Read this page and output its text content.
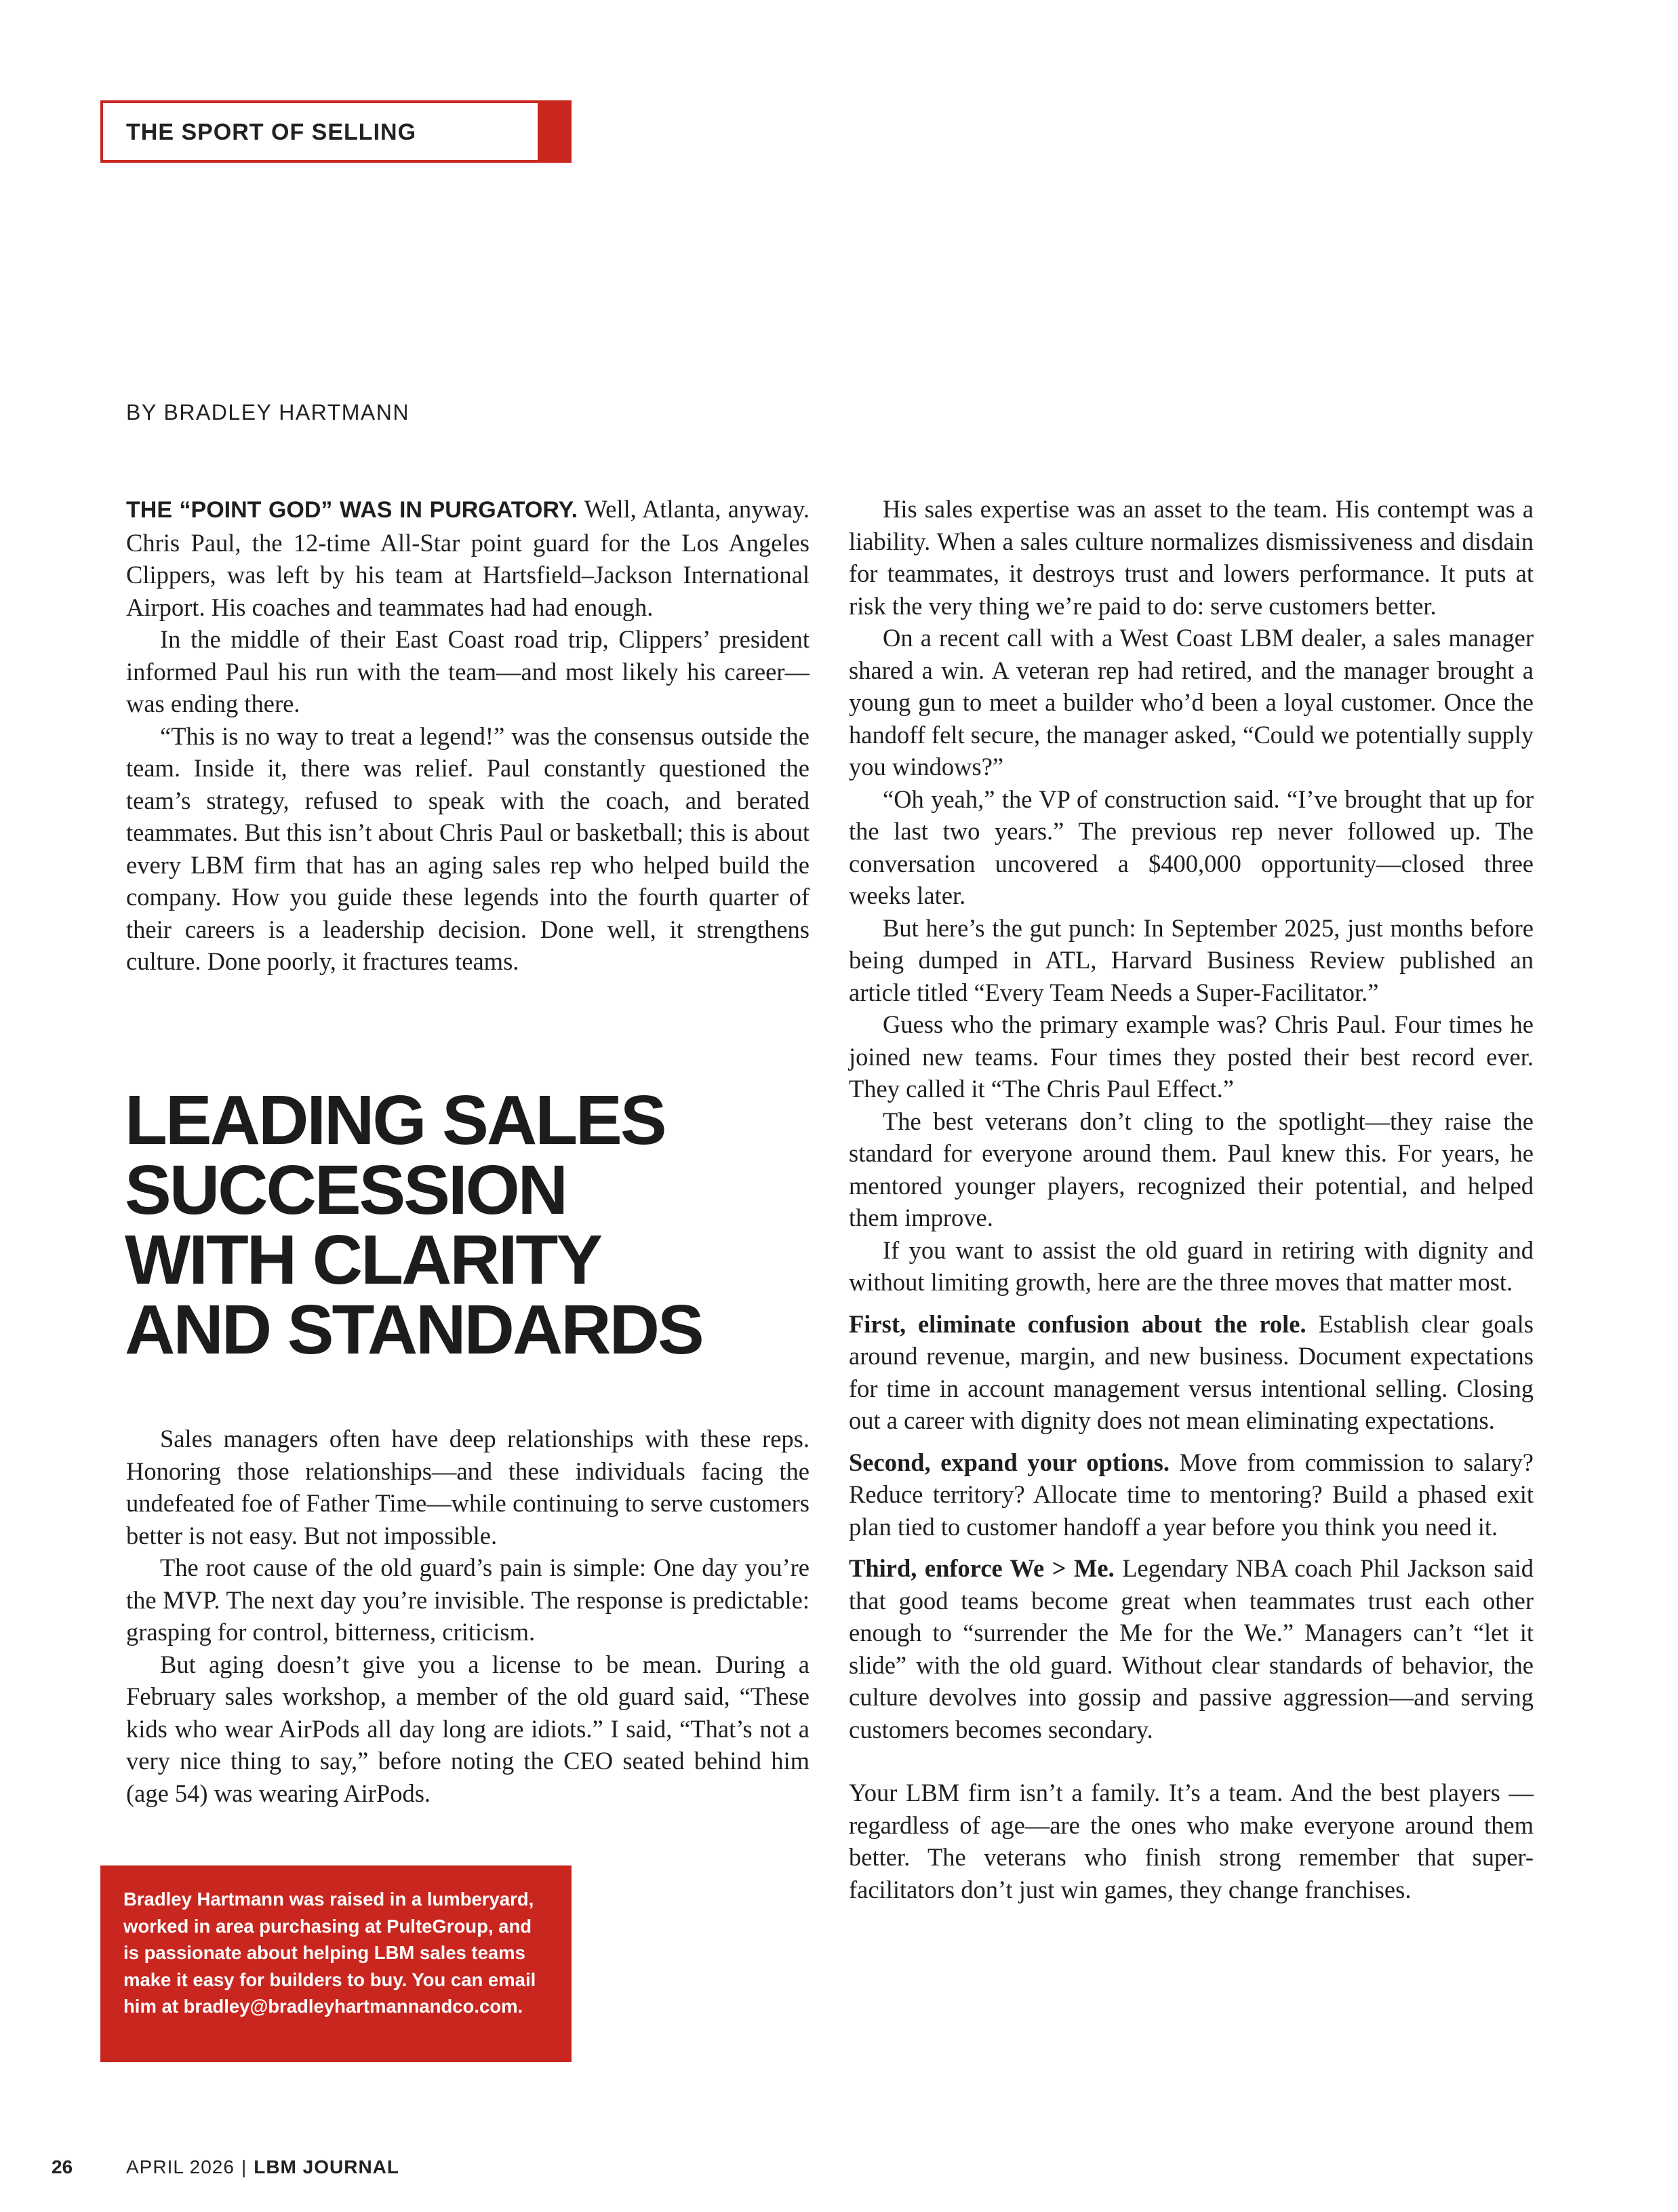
THE SPORT OF SELLING
BY BRADLEY HARTMANN

THE “POINT GOD” WAS IN PURGATORY. Well, Atlanta, anyway. Chris Paul, the 12-time All-Star point guard for the Los Angeles Clippers, was left by his team at Hartsfield–Jackson International Airport. His coaches and teammates had had enough.

In the middle of their East Coast road trip, Clippers’ president informed Paul his run with the team—and most likely his career—was ending there.

“This is no way to treat a legend!” was the consensus outside the team. Inside it, there was relief. Paul constantly questioned the team’s strategy, refused to speak with the coach, and berated teammates. But this isn’t about Chris Paul or basketball; this is about every LBM firm that has an aging sales rep who helped build the company. How you guide these legends into the fourth quarter of their careers is a leadership decision. Done well, it strengthens culture. Done poorly, it fractures teams.

LEADING SALES
SUCCESSION
WITH CLARITY
AND STANDARDS

Sales managers often have deep relationships with these reps. Honoring those relationships—and these individuals facing the undefeated foe of Father Time—while continuing to serve customers better is not easy. But not impossible.

The root cause of the old guard’s pain is simple: One day you’re the MVP. The next day you’re invisible. The response is predictable: grasping for control, bitterness, criticism.

But aging doesn’t give you a license to be mean. During a February sales workshop, a member of the old guard said, “These kids who wear AirPods all day long are idiots.” I said, “That’s not a very nice thing to say,” before noting the CEO seated behind him (age 54) was wearing AirPods.

His sales expertise was an asset to the team. His contempt was a liability. When a sales culture normalizes dismissiveness and disdain for teammates, it destroys trust and lowers performance. It puts at risk the very thing we’re paid to do: serve customers better.

On a recent call with a West Coast LBM dealer, a sales manager shared a win. A veteran rep had retired, and the manager brought a young gun to meet a builder who’d been a loyal customer. Once the handoff felt secure, the manager asked, “Could we potentially supply you windows?”

“Oh yeah,” the VP of construction said. “I’ve brought that up for the last two years.” The previous rep never followed up. The conversation uncovered a $400,000 opportunity—closed three weeks later.

But here’s the gut punch: In September 2025, just months before being dumped in ATL, Harvard Business Review published an article titled “Every Team Needs a Super-Facilitator.”

Guess who the primary example was? Chris Paul. Four times he joined new teams. Four times they posted their best record ever. They called it “The Chris Paul Effect.”

The best veterans don’t cling to the spotlight—they raise the standard for everyone around them. Paul knew this. For years, he mentored younger players, recognized their potential, and helped them improve.

If you want to assist the old guard in retiring with dignity and without limiting growth, here are the three moves that matter most.

First, eliminate confusion about the role. Establish clear goals around revenue, margin, and new business. Document expectations for time in account management versus intentional selling. Closing out a career with dignity does not mean eliminating expectations.

Second, expand your options. Move from commission to salary? Reduce territory? Allocate time to mentoring? Build a phased exit plan tied to customer handoff a year before you think you need it.

Third, enforce We > Me. Legendary NBA coach Phil Jackson said that good teams become great when teammates trust each other enough to “surrender the Me for the We.” Managers can’t “let it slide” with the old guard. Without clear standards of behavior, the culture devolves into gossip and passive aggression—and serving customers becomes secondary.

Your LBM firm isn’t a family. It’s a team. And the best players —regardless of age—are the ones who make everyone around them better. The veterans who finish strong remember that super-facilitators don’t just win games, they change franchises.

Bradley Hartmann was raised in a lumberyard, worked in area purchasing at PulteGroup, and is passionate about helping LBM sales teams make it easy for builders to buy. You can email him at bradley@bradleyhartmannandco.com.

26	APRIL 2026 | LBM JOURNAL
